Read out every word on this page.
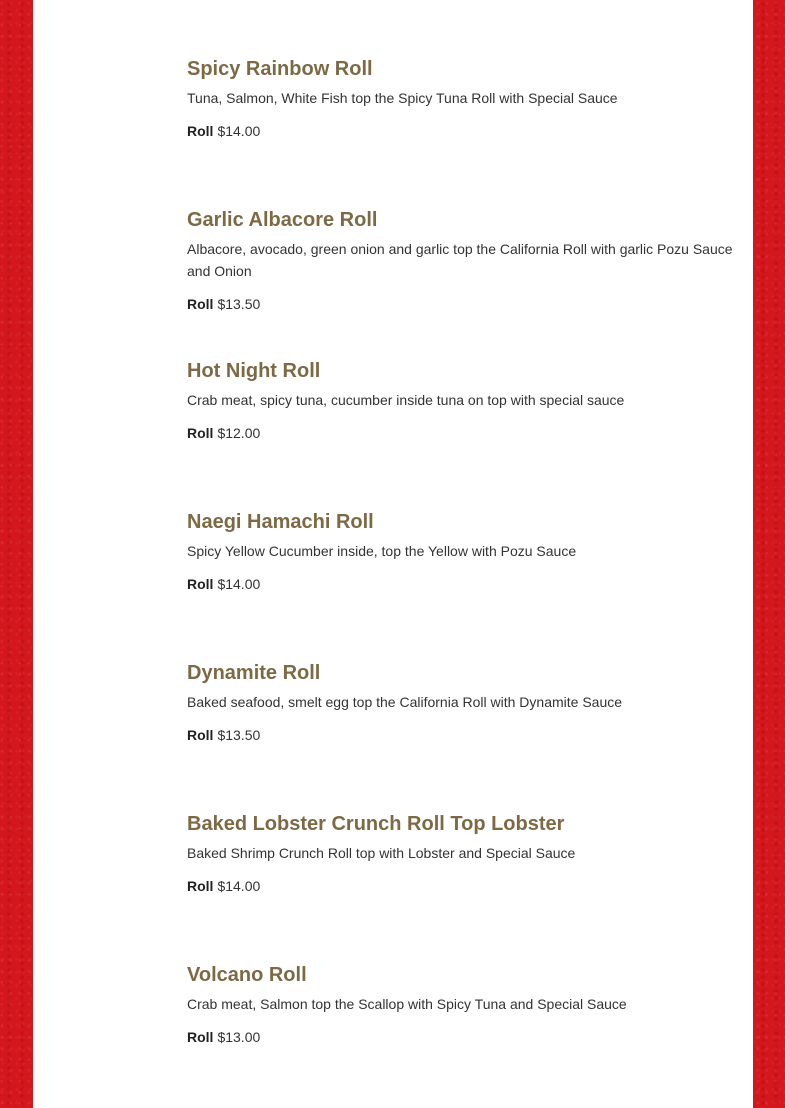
Spicy Rainbow Roll

Tuna, Salmon, White Fish top the Spicy Tuna Roll with Special Sauce

Roll $14.00

Garlic Albacore Roll

Albacore, avocado, green onion and garlic top the California Roll with garlic Pozu Sauce and Onion

Roll $13.50

Hot Night Roll

Crab meat, spicy tuna, cucumber inside tuna on top with special sauce

Roll $12.00

Naegi Hamachi Roll

Spicy Yellow Cucumber inside, top the Yellow with Pozu Sauce

Roll $14.00

Dynamite Roll

Baked seafood, smelt egg top the California Roll with Dynamite Sauce

Roll $13.50

Baked Lobster Crunch Roll Top Lobster

Baked Shrimp Crunch Roll top with Lobster and Special Sauce

Roll $14.00

Volcano Roll

Crab meat, Salmon top the Scallop with Spicy Tuna and Special Sauce

Roll $13.00
